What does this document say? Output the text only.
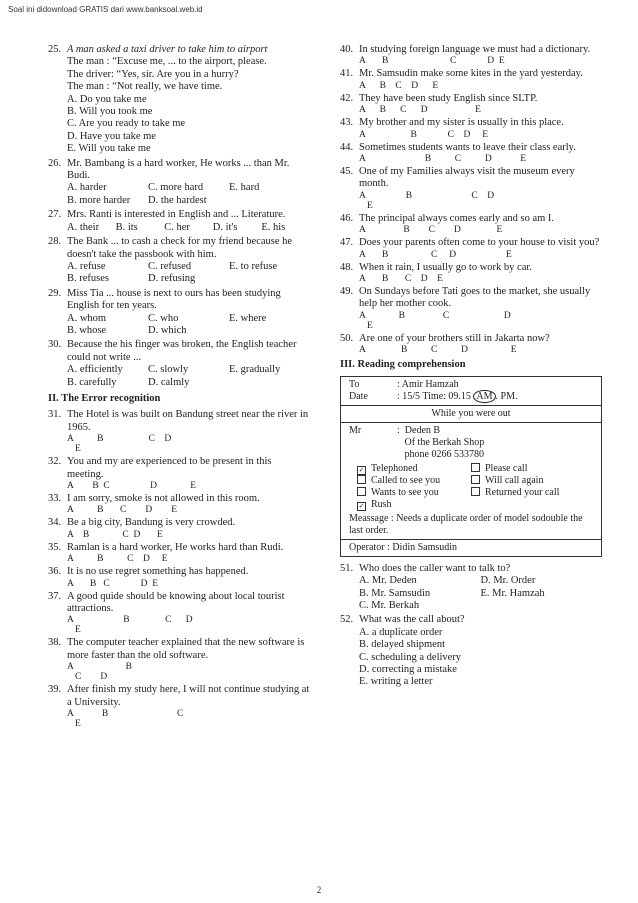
Soal ini didownload GRATIS dari www.banksoal.web.id
25. A man asked a taxi driver to take him to airport
The man : “Excuse me, ... to the airport, please.
The driver: “Yes, sir. Are you in a hurry?
The man : “Not really, we have time.
A. Do you take me
B. Will you took me
C. Are you ready to take me
D. Have you take me
E. Will you take me
26. Mr. Bambang is a hard worker, He works ... than Mr. Budi.
A. harder	C. more hard	E. hard
B. more harder	D. the hardest
27. Mrs. Ranti is interested in English and ... Literature.
A. their	B. its	C. her	D. it's	E. his
28. The Bank ... to cash a check for my friend because he doesn't take the passbook with him.
A. refuse	C. refused	E. to refuse
B. refuses	D. refusing
29. Miss Tia ... house is next to ours has been studying English for ten years.
A. whom	C. who	E. where
B. whose	D. which
30. Because the his finger was broken, the English teacher could not write ...
A. efficiently	C. slowly	E. gradually
B. carefully	D. calmly
II. The Error recognition
31. The Hotel is was built on Bandung street near the river in 1965.
A          B                   C    D
E
32. You and my are experienced to be present in this meeting.
A        B  C                 D              E
33. I am sorry, smoke is not allowed in this room.
A          B       C        D        E
34. Be a big city, Bandung is very crowded.
A    B              C  D       E
35. Ramlan is a hard worker, He works hard than Rudi.
A          B          C    D     E
36. It is no use regret something has happened.
A       B   C             D  E
37. A good quide should be knowing about local tourist attractions.
A                     B               C      D
E
38. The computer teacher explained that the new software is more faster than the old software.
A                      B
C        D
39. After finish my study here, I will not continue studying at a University.
A            B                             C
E
40. In studying foreign language we must had a dictionary.
A       B                          C             D  E
41. Mr. Samsudin make some kites in the yard yesterday.
A      B    C    D      E
42. They have been study English since SLTP.
A      B      C      D                    E
43. My brother and my sister is usually in this place.
A                   B             C    D     E
44. Sometimes students wants to leave their class early.
A                         B          C          D            E
45. One of my Families always visit the museum every month.
A                 B                         C    D
E
46. The principal always comes early and so am I.
A                B        C        D               E
47. Does your parents often come to your house to visit you?
A       B                  C     D                     E
48. When it rain, I usually go to work by car.
A       B       C    D    E
49. On Sundays before Tati goes to the market, she usually help her mother cook.
A              B                C                       D
E
50. Are one of your brothers still in Jakarta now?
A               B          C          D                  E
III. Reading comprehension
To	: Amir Hamzah
Date	: 15/5 Time: 09.15 AM . PM.
While you were out
Mr	:  Deden B
Of the Berkah Shop
phone 0266 533780
✓ Telephoned	Please call
Called to see you	Will call again
Wants to see you	Returned your call
✓ Rush
Meassage : Needs a duplicate order of model sodouble the last order.
Operator : Didin Samsudin
51. Who does the caller want to talk to?
A. Mr. Deden	D. Mr. Order
B. Mr. Samsudin	E. Mr. Hamzah
C. Mr. Berkah
52. What was the call about?
A. a duplicate order
B. delayed shipment
C. scheduling a delivery
D. correcting a mistake
E. writing a letter
2
